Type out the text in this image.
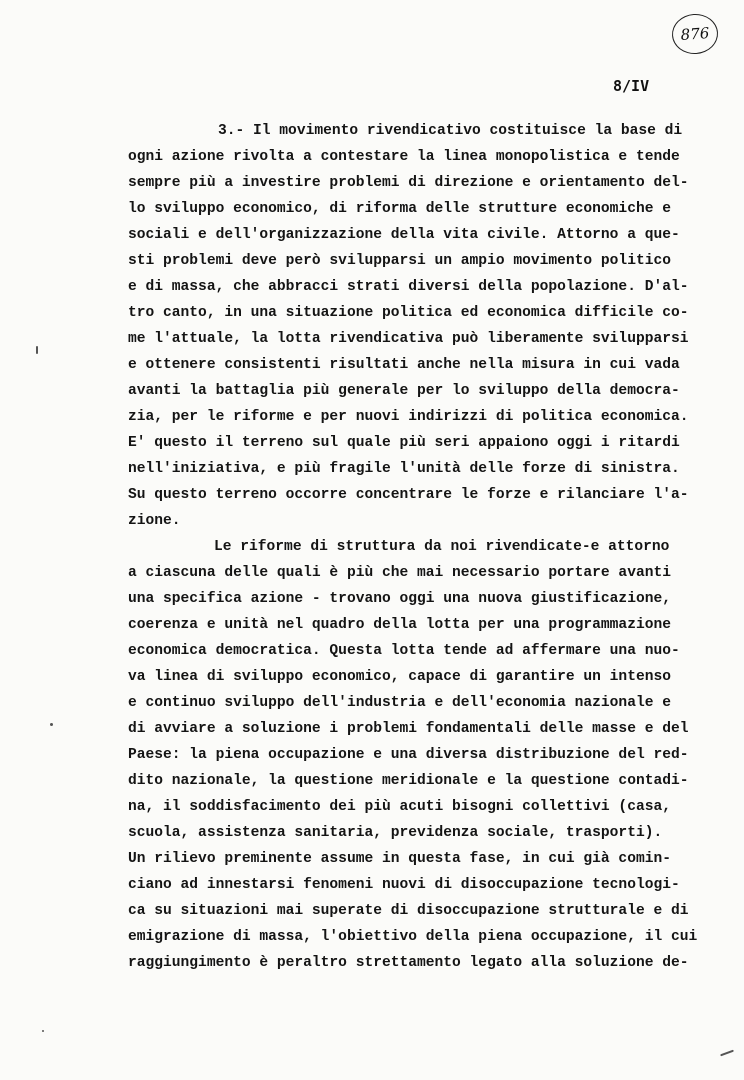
876
8/IV
3.- Il movimento rivendicativo costituisce la base di
ogni azione rivolta a contestare la linea monopolistica e tende
sempre più a investire problemi di direzione e orientamento del-
lo sviluppo economico, di riforma delle strutture economiche e
sociali e dell'organizzazione della vita civile. Attorno a que-
sti problemi deve però svilupparsi un ampio movimento politico
e di massa, che abbracci strati diversi della popolazione. D'al-
tro canto, in una situazione politica ed economica difficile co-
me l'attuale, la lotta rivendicativa può liberamente svilupparsi
e ottenere consistenti risultati anche nella misura in cui vada
avanti la battaglia più generale per lo sviluppo della democra-
zia, per le riforme e per nuovi indirizzi di politica economica.
E' questo il terreno sul quale più seri appaiono oggi i ritardi
nell'iniziativa, e più fragile l'unità delle forze di sinistra.
Su questo terreno occorre concentrare le forze e rilanciare l'a-
zione.
Le riforme di struttura da noi rivendicate-e attorno
a ciascuna delle quali è più che mai necessario portare avanti
una specifica azione - trovano oggi una nuova giustificazione,
coerenza e unità nel quadro della lotta per una programmazione
economica democratica. Questa lotta tende ad affermare una nuo-
va linea di sviluppo economico, capace di garantire un intenso
e continuo sviluppo dell'industria e dell'economia nazionale e
di avviare a soluzione i problemi fondamentali delle masse e del
Paese: la piena occupazione e una diversa distribuzione del red-
dito nazionale, la questione meridionale e la questione contadi-
na, il soddisfacimento dei più acuti bisogni collettivi (casa,
scuola, assistenza sanitaria, previdenza sociale, trasporti).
Un rilievo preminente assume in questa fase, in cui già comin-
ciano ad innestarsi fenomeni nuovi di disoccupazione tecnologi-
ca su situazioni mai superate di disoccupazione strutturale e di
emigrazione di massa, l'obiettivo della piena occupazione, il cui
raggiungimento è peraltro strettamento legato alla soluzione de-
